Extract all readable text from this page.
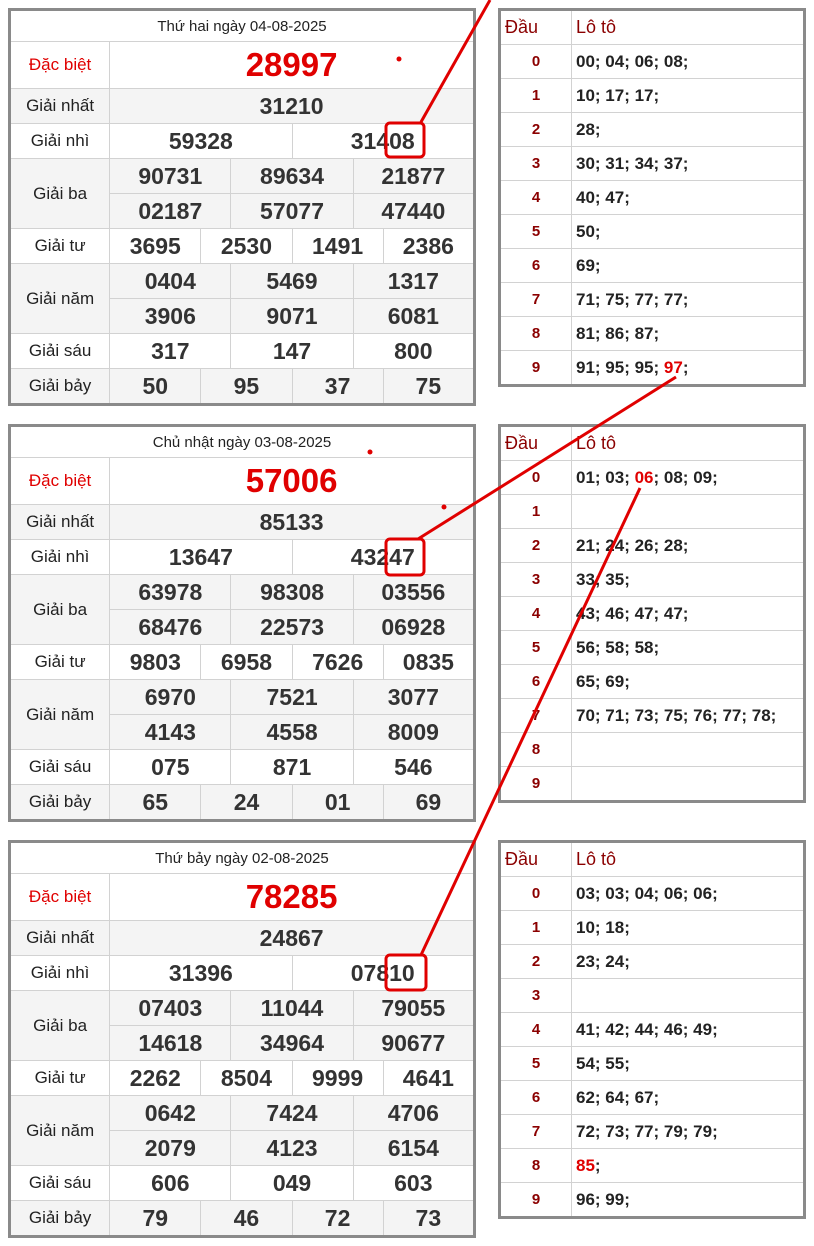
Thứ hai ngày 04-08-2025						
Đặc biệt	28997					
Giải nhất	31210					
Giải nhì	59328			31408		
Giải ba	90731		89634		21877	
	02187		57077		47440	
Giải tư	3695	2530		1491		2386
Giải năm	0404		5469		1317	
	3906		9071		6081	
Giải sáu	317		147		800	
Giải bảy	50	95		37		75
Đầu	Lô tô
0	00; 04; 06; 08;
1	10; 17; 17;
2	28;
3	30; 31; 34; 37;
4	40; 47;
5	50;
6	69;
7	71; 75; 77; 77;
8	81; 86; 87;
9	91; 95; 95; 97;
Chủ nhật ngày 03-08-2025						
Đặc biệt	57006					
Giải nhất	85133					
Giải nhì	13647			43247		
Giải ba	63978		98308		03556	
	68476		22573		06928	
Giải tư	9803	6958		7626		0835
Giải năm	6970		7521		3077	
	4143		4558		8009	
Giải sáu	075		871		546	
Giải bảy	65	24		01		69
Đầu	Lô tô
0	01; 03; 06; 08; 09;
1	
2	21; 24; 26; 28;
3	33; 35;
4	43; 46; 47; 47;
5	56; 58; 58;
6	65; 69;
7	70; 71; 73; 75; 76; 77; 78;
8	
9	
Thứ bảy ngày 02-08-2025						
Đặc biệt	78285					
Giải nhất	24867					
Giải nhì	31396			07810		
Giải ba	07403		11044		79055	
	14618		34964		90677	
Giải tư	2262	8504		9999		4641
Giải năm	0642		7424		4706	
	2079		4123		6154	
Giải sáu	606		049		603	
Giải bảy	79	46		72		73
Đầu	Lô tô
0	03; 03; 04; 06; 06;
1	10; 18;
2	23; 24;
3	
4	41; 42; 44; 46; 49;
5	54; 55;
6	62; 64; 67;
7	72; 73; 77; 79; 79;
8	85;
9	96; 99;
